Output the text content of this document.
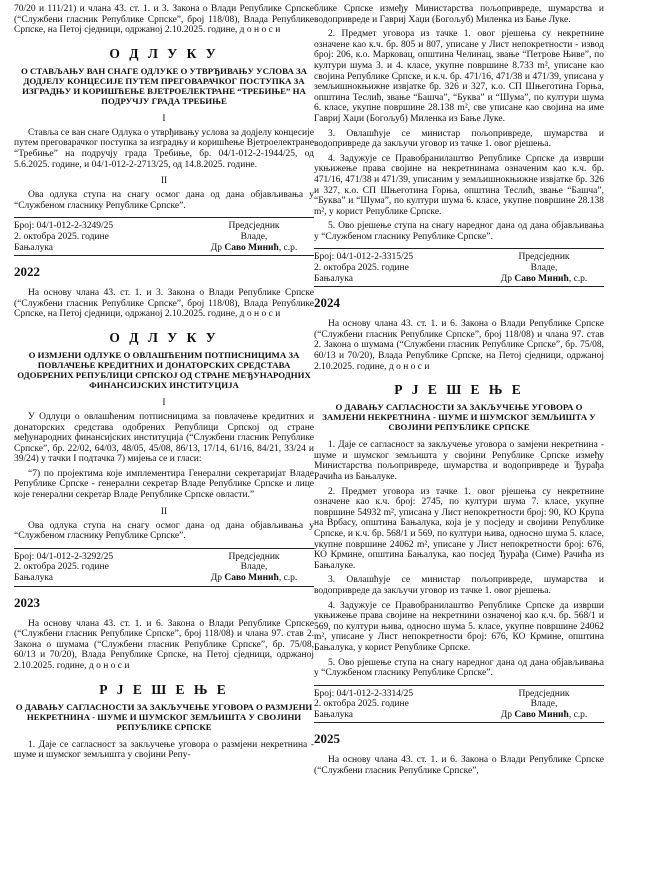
70/20 и 111/21) и члана 43. ст. 1. и 3. Закона о Влади Републике Српске (“Службени гласник Републике Српске”, број 118/08), Влада Републике Српске, на Петој сједници, одржаној 2.10.2025. године, д о н о с и

О Д Л У К У
О СТАВЉАЊУ ВАН СНАГЕ ОДЛУКЕ О УТВРЂИВАЊУ УСЛОВА ЗА ДОДЈЕЛУ КОНЦЕСИЈЕ ПУТЕМ ПРЕГОВАРАЧКОГ ПОСТУПКА ЗА ИЗГРАДЊУ И КОРИШЋЕЊЕ ВЈЕТРОЕЛЕКТРАНЕ “ТРЕБИЊЕ” НА ПОДРУЧЈУ ГРАДА ТРЕБИЊЕ
I

Ставља се ван снаге Одлука о утврђивању услова за додјелу концесије путем преговарачког поступка за изградњу и коришћење Вјетроелектране “Требиње” на подручју града Требиње, бр. 04/1-012-2-1944/25, од 5.6.2025. године, и 04/1-012-2-2713/25, од 14.8.2025. године.

II

Ова одлука ступа на снагу осмог дана од дана објављивања у “Службеном гласнику Републике Српске”.

Број: 04/1-012-2-3249/25	Предсједник
2. октобра 2025. године	Владе,
Бањалука	Др Саво Минић, с.р.
2022

На основу члана 43. ст. 1. и 3. Закона о Влади Републике Српске (“Службени гласник Републике Српске”, број 118/08), Влада Републике Српске, на Петој сједници, одржаној 2.10.2025. године, д о н о с и

О Д Л У К У
О ИЗМЈЕНИ ОДЛУКЕ О ОВЛАШЋЕНИМ ПОТПИСНИЦИМА ЗА ПОВЛАЧЕЊЕ КРЕДИТНИХ И ДОНАТОРСКИХ СРЕДСТАВА ОДОБРЕНИХ РЕПУБЛИЦИ СРПСКОЈ ОД СТРАНЕ МЕЂУНАРОДНИХ ФИНАНСИЈСКИХ ИНСТИТУЦИЈА
I

У Одлуци о овлашћеним потписницима за повлачење кредитних и донаторских средстава одобрених Републици Српској од стране међународних финансијских институција (“Службени гласник Републике Српске”, бр. 22/02, 64/03, 48/05, 45/08, 86/13, 17/14, 61/16, 84/21, 33/24 и 39/24) у тачки I подтачка 7) мијења се и гласи:

“7) по пројектима које имплементира Генерални секретаријат Владе Републике Српске - генерални секретар Владе Републике Српске и лице које генерални секретар Владе Републике Српске овласти.”

II

Ова одлука ступа на снагу осмог дана од дана објављивања у “Службеном гласнику Републике Српске”.

Број: 04/1-012-2-3292/25	Предсједник
2. октобра 2025. године	Владе,
Бањалука	Др Саво Минић, с.р.
2023

На основу члана 43. ст. 1. и 6. Закона о Влади Републике Српске (“Службени гласник Републике Српске”, број 118/08) и члана 97. став 2. Закона о шумама (“Службени гласник Републике Српске”, бр. 75/08, 60/13 и 70/20), Влада Републике Српске, на Петој сједници, одржаној 2.10.2025. године, д о н о с и

Р Ј Е Ш Е Њ Е
О ДАВАЊУ САГЛАСНОСТИ ЗА ЗАКЉУЧЕЊЕ УГОВОРА О РАЗМЈЕНИ НЕКРЕТНИНА - ШУМЕ И ШУМСКОГ ЗЕМЉИШТА У СВОЈИНИ РЕПУБЛИКЕ СРПСКЕ

1. Даје се сагласност за закључење уговора о размјени некретнина - шуме и шумског земљишта у својини Репу-

блике Српске између Министарства пољопривреде, шумарства и водопривреде и Гавриј Хаџи (Богољуб) Миленка из Бање Луке.

2. Предмет уговора из тачке 1. овог рјешења су некретнине означене као к.ч. бр. 805 и 807, уписане у Лист непокретности - извод број: 206, к.о. Марковац, општина Челинац, звање “Петрове Њиве”, по култури шума 3. и 4. класе, укупне површине 8.733 m², уписане као својина Републике Српске, и к.ч. бр. 471/16, 471/38 и 471/39, уписана у земљишнокњижне извјатке бр. 326 и 327, к.о. СП Шњеготина Горња, општина Теслић, звање “Башча”, “Буква” и “Шума”, по култури шума 6. класе, укупне површине 28.138 m², све уписане као својина на име Гавриј Хаџи (Богољуб) Миленка из Бање Луке.

3. Овлашћује се министар пољопривреде, шумарства и водопривреде да закључи уговор из тачке 1. овог рјешења.

4. Задужује се Правобранилаштво Републике Српске да изврши укњижење права својине на некретнинама означеним као к.ч. бр. 471/16, 471/38 и 471/39, уписаним у земљишнокњижне извјатке бр. 326 и 327, к.о. СП Шњеготина Горња, општина Теслић, звање “Башча”, “Буква” и “Шума”, по култури шума 6. класе, укупне површине 28.138 m², у корист Републике Српске.

5. Ово рјешење ступа на снагу наредног дана од дана објављивања у “Службеном гласнику Републике Српске”.

Број: 04/1-012-2-3315/25	Предсједник
2. октобра 2025. године	Владе,
Бањалука	Др Саво Минић, с.р.
2024

На основу члана 43. ст. 1. и 6. Закона о Влади Републике Српске (“Службени гласник Републике Српске”, број 118/08) и члана 97. став 2. Закона о шумама (“Службени гласник Републике Српске”, бр. 75/08, 60/13 и 70/20), Влада Републике Српске, на Петој сједници, одржаној 2.10.2025. године, д о н о с и

Р Ј Е Ш Е Њ Е
О ДАВАЊУ САГЛАСНОСТИ ЗА ЗАКЉУЧЕЊЕ УГОВОРА О ЗАМЈЕНИ НЕКРЕТНИНА - ШУМЕ И ШУМСКОГ ЗЕМЉИШТА У СВОЈИНИ РЕПУБЛИКЕ СРПСКЕ

1. Даје се сагласност за закључење уговора о замјени некретнина - шуме и шумског земљишта у својини Републике Српске између Министарства пољопривреде, шумарства и водопривреде и Ђурађа Рачића из Бањалуке.

2. Предмет уговора из тачке 1. овог рјешења су некретнине означене као к.ч. број: 2745, по култури шума 7. класе, укупне површине 54932 m², уписана у Лист непокретности број: 90, КО Крупа на Врбасу, општина Бањалука, која је у посједу и својини Републике Српске, и к.ч. бр. 568/1 и 569, по култури њива, односно шума 5. класе, укупне површине 24062 m², уписане у Лист непокретности број: 676, КО Крмине, општина Бањалука, као посјед Ђурађа (Симе) Рачића из Бањалуке.

3. Овлашћује се министар пољопривреде, шумарства и водопривреде да закључи уговор из тачке 1. овог рјешења.

4. Задужује се Правобранилаштво Републике Српске да изврши укњижење права својине на некретнини означеној као к.ч. бр. 568/1 и 569, по култури њива, односно шума 5. класе, укупне површине 24062 m², уписане у Лист непокретности број: 676, КО Крмине, општина Бањалука, у корист Републике Српске.

5. Ово рјешење ступа на снагу наредног дана од дана објављивања у “Службеном гласнику Републике Српске”.

Број: 04/1-012-2-3314/25	Предсједник
2. октобра 2025. године	Владе,
Бањалука	Др Саво Минић, с.р.
2025

На основу члана 43. ст. 1. и 6. Закона о Влади Републике Српске (“Службени гласник Републике Српске”,
